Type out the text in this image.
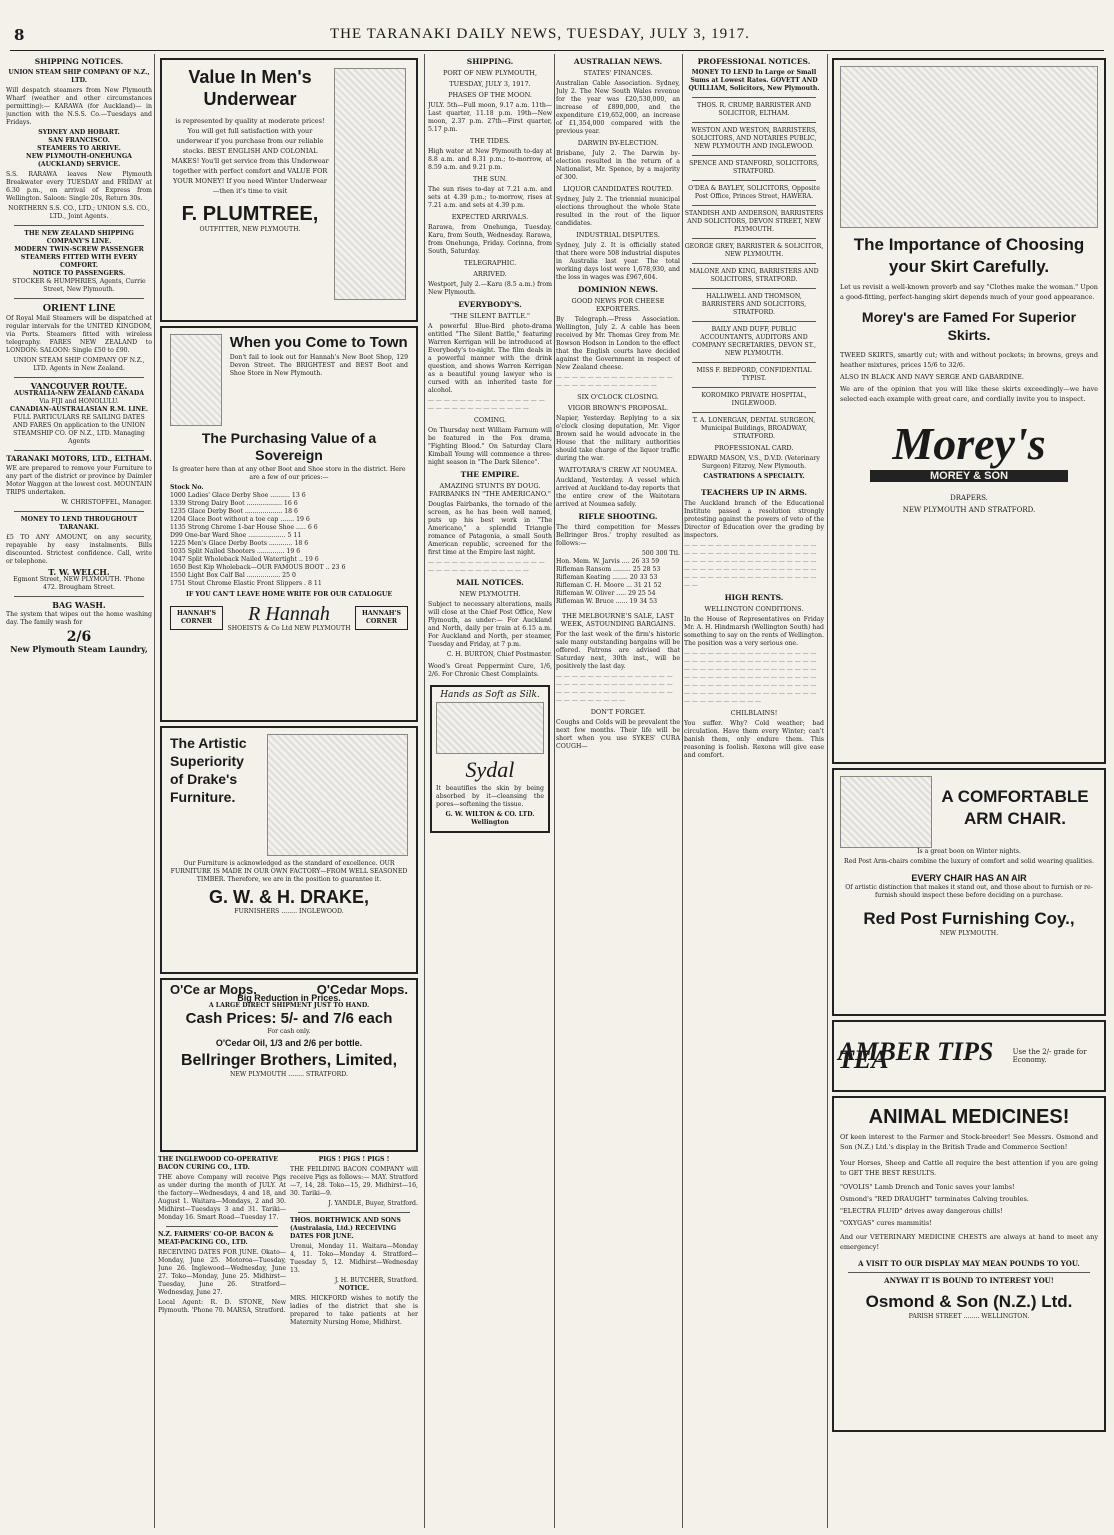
8	THE TARANAKI DAILY NEWS, TUESDAY, JULY 3, 1917.
SHIPPING NOTICES.
UNION STEAM SHIP COMPANY OF N.Z., LTD.
Will despatch steamers from New Plymouth Wharf (weather and other circumstances permitting):— KARAWA (for Auckland)— in junction with the N.S.S. Co.—Tuesdays and Fridays.
SYDNEY AND HOBART.
SAN FRANCISCO.
STEAMERS TO ARRIVE.
NEW PLYMOUTH-ONEHUNGA (AUCKLAND) SERVICE.
S.S. RARAWA leaves New Plymouth Breakwater every TUESDAY and FRIDAY at 6.30 p.m., on arrival of Express from Wellington. Saloon: Single 20s, Return 30s.
NORTHERN S.S. CO., LTD.; UNION S.S. CO., LTD., Joint Agents.
THE NEW ZEALAND SHIPPING COMPANY'S LINE.
MODERN TWIN-SCREW PASSENGER STEAMERS FITTED WITH EVERY COMFORT.
NOTICE TO PASSENGERS.
STOCKER & HUMPHRIES, Agents, Currie Street, New Plymouth.
ORIENT LINE
Of Royal Mail Steamers will be dispatched at regular intervals for the UNITED KINGDOM, via Ports. Steamers fitted with wireless telegraphy. FARES NEW ZEALAND to LONDON: SALOON: Single £50 to £90.
UNION STEAM SHIP COMPANY OF N.Z., LTD. Agents in New Zealand.
VANCOUVER ROUTE.
AUSTRALIA-NEW ZEALAND CANADA
Via FIJI and HONOLULU.
CANADIAN-AUSTRALASIAN R.M. LINE.
FULL PARTICULARS RE SAILING DATES AND FARES On application to the UNION STEAMSHIP CO. OF N.Z., LTD. Managing Agents
TARANAKI MOTORS, LTD., ELTHAM.
WE are prepared to remove your Furniture to any part of the district or province by Daimler Motor Waggon at the lowest cost. MOUNTAIN TRIPS undertaken.
W. CHRISTOFFEL, Manager.
MONEY TO LEND THROUGHOUT TARANAKI.
£5 TO ANY AMOUNT, on any security, repayable by easy instalments. Bills discounted. Strictest confidence. Call, write or telephone.
T. W. WELCH.
Egmont Street, NEW PLYMOUTH. 'Phone 472. Brougham Street.
BAG WASH.
The system that wipes out the home washing day. The family wash for
2/6
New Plymouth Steam Laundry,
Value In Men's Underwear
is represented by quality at moderate prices! You will get full satisfaction with your underwear if you purchase from our reliable stocks. BEST ENGLISH AND COLONIAL MAKES! You'll get service from this Underwear together with perfect comfort and VALUE FOR YOUR MONEY! If you need Winter Underwear—then it's time to visit
F. PLUMTREE,
OUTFITTER, NEW PLYMOUTH.
When you Come to Town
Don't fail to look out for Hannah's New Boot Shop, 129 Devon Street. The BRIGHTEST and BEST Boot and Shoe Store in New Plymouth.
The Purchasing Value of a Sovereign
Is greater here than at any other Boot and Shoe store in the district. Here are a few of our prices:—
Stock No.
1000 Ladies' Glace Derby Shoe .......... 13 6
1339 Strong Dairy Boot .................. 16 6
1235 Glace Derby Boot ................... 18 6
1204 Glace Boot without a toe cap ....... 19 6
1135 Strong Chrome 1-bar House Shoe ..... 6 6
D99 One-bar Ward Shoe ................... 5 11
1225 Men's Glace Derby Boots ............ 18 6
1035 Split Nailed Shooters .............. 19 6
1047 Split Wholeback Nailed Watertight .. 19 6
1650 Best Kip Wholeback—OUR FAMOUS BOOT .. 23 6
1550 Light Box Calf Bal ................. 25 0
1751 Stout Chrome Elastic Front Slippers . 8 11
IF YOU CAN'T LEAVE HOME WRITE FOR OUR CATALOGUE
HANNAH'S CORNER	R Hannah
SHOEISTS & Co Ltd NEW PLYMOUTH
HANNAH'S CORNER
The Artistic Superiority of Drake's Furniture.
Our Furniture is acknowledged as the standard of excellence. OUR FURNITURE IS MADE IN OUR OWN FACTORY—FROM WELL SEASONED TIMBER. Therefore, we are in the position to guarantee it.
G. W. & H. DRAKE,
FURNISHERS ........ INGLEWOOD.
O'Ce ar Mops.	O'Cedar Mops.
Big Reduction in Prices.
A LARGE DIRECT SHIPMENT JUST TO HAND.
Cash Prices: 5/- and 7/6 each
For cash only.
O'Cedar Oil, 1/3 and 2/6 per bottle.
Bellringer Brothers, Limited,
NEW PLYMOUTH ........ STRATFORD.
THE INGLEWOOD CO-OPERATIVE BACON CURING CO., LTD.
THE above Company will receive Pigs as under during the month of JULY. At the factory—Wednesdays, 4 and 18, and August 1. Waitara—Mondays, 2 and 30. Midhirst—Tuesdays 3 and 31. Tariki—Monday 16. Smart Road—Tuesday 17.
N.Z. FARMERS' CO-OP. BACON & MEAT-PACKING CO., LTD.
RECEIVING DATES FOR JUNE. Okato—Monday, June 25. Motoroa—Tuesday, June 26. Inglewood—Wednesday, June 27. Toko—Monday, June 25. Midhirst—Tuesday, June 26. Stratford—Wednesday, June 27.
Local Agent: R. D. STONE, New Plymouth. 'Phone 70. MARSA, Stratford.
PIGS ! PIGS ! PIGS !
THE FEILDING BACON COMPANY will receive Pigs as follows:— MAY. Stratford—7, 14, 28. Toko—15, 29. Midhirst—16, 30. Tariki—9.
J. YANDLE, Buyer, Stratford.
THOS. BORTHWICK AND SONS (Australasia, Ltd.) RECEIVING DATES FOR JUNE.
Urenui, Monday 11. Waitara—Monday 4, 11. Toko—Monday 4. Stratford—Tuesday 5, 12. Midhirst—Wednesday 13.
J. H. BUTCHER, Stratford.
NOTICE.
MRS. HICKFORD wishes to notify the ladies of the district that she is prepared to take patients at her Maternity Nursing Home, Midhirst.
SHIPPING.
PORT OF NEW PLYMOUTH,
TUESDAY, JULY 3, 1917.
PHASES OF THE MOON.
JULY. 5th—Full moon, 9.17 a.m. 11th—Last quarter, 11.18 p.m. 19th—New moon, 2.37 p.m. 27th—First quarter, 5.17 p.m.
THE TIDES.
High water at New Plymouth to-day at 8.8 a.m. and 8.31 p.m.; to-morrow, at 8.59 a.m. and 9.21 p.m.
THE SUN.
The sun rises to-day at 7.21 a.m. and sets at 4.39 p.m.; to-morrow, rises at 7.21 a.m. and sets at 4.39 p.m.
EXPECTED ARRIVALS.
Rarawa, from Onehunga, Tuesday. Karu, from South, Wednesday. Rarawa, from Onehunga, Friday. Corinna, from South, Saturday.
TELEGRAPHIC.
ARRIVED.
Westport, July 2.—Karu (8.5 a.m.) from New Plymouth.
EVERYBODY'S.
"THE SILENT BATTLE."
A powerful Blue-Bird photo-drama entitled "The Silent Battle," featuring Warren Kerrigan will be introduced at Everybody's to-night. The film deals in a powerful manner with the drink question, and shows Warren Kerrigan as a beautiful young lawyer who is cursed with an inherited taste for alcohol.
— — — — — — — — — — — — — — — — — — — — — — — — — — — —
COMING.
On Thursday next William Farnum will be featured in the Fox drama, "Fighting Blood." On Saturday Clara Kimball Young will commence a three-night season in "The Dark Silence".
THE EMPIRE.
AMAZING STUNTS BY DOUG. FAIRBANKS IN "THE AMERICANO."
Douglas Fairbanks, the tornado of the screen, as he has been well named, puts up his best work in "The Americano," a splendid Triangle romance of Patagonia, a small South American republic, screened for the first time at the Empire last night.
— — — — — — — — — — — — — — — — — — — — — — — — — — — —
MAIL NOTICES.
NEW PLYMOUTH.
Subject to necessary alterations, mails will close at the Chief Post Office, New Plymouth, as under:— For Auckland and North, daily per train at 6.15 a.m. For Auckland and North, per steamer, Tuesday and Friday, at 7 p.m.
C. H. BURTON, Chief Postmaster.
Wood's Great Peppermint Cure, 1/6, 2/6. For Chronic Chest Complaints.
Hands as Soft as Silk.
Sydal
It beautifies the skin by being absorbed by it—cleansing the pores—softening the tissue.
G. W. WILTON & CO. LTD. Wellington
AUSTRALIAN NEWS.
STATES' FINANCES.
Australian Cable Association. Sydney, July 2. The New South Wales revenue for the year was £20,530,000, an increase of £890,000, and the expenditure £19,652,000, an increase of £1,354,000 compared with the previous year.
DARWIN BY-ELECTION.
Brisbane, July 2. The Darwin by-election resulted in the return of a Nationalist, Mr. Spence, by a majority of 300.
LIQUOR CANDIDATES ROUTED.
Sydney, July 2. The triennial municipal elections throughout the whole State resulted in the rout of the liquor candidates.
INDUSTRIAL DISPUTES.
Sydney, July 2. It is officially stated that there were 508 industrial disputes in Australia last year. The total working days lost were 1,678,930, and the loss in wages was £967,604.
DOMINION NEWS.
GOOD NEWS FOR CHEESE EXPORTERS.
By Telegraph.—Press Association. Wellington, July 2. A cable has been received by Mr. Thomas Grey from Mr. Rowson Hodson in London to the effect that the English courts have decided against the Government in respect of New Zealand cheese.
— — — — — — — — — — — — — — — — — — — — — — — — — — — —
SIX O'CLOCK CLOSING.
VIGOR BROWN'S PROPOSAL.
Napier, Yesterday. Replying to a six o'clock closing deputation, Mr. Vigor Brown said he would advocate in the House that the military authorities should take charge of the liquor traffic during the war.
WAITOTARA'S CREW AT NOUMEA.
Auckland, Yesterday. A vessel which arrived at Auckland to-day reports that the entire crew of the Waitotara arrived at Noumea safely.
RIFLE SHOOTING.
The third competition for Messrs Bellringer Bros.' trophy resulted as follows:—
500 300 Ttl.
Hon. Mem. W. Jarvis .... 26 33 59
Rifleman Ransom ......... 25 28 53
Rifleman Keating ........ 20 33 53
Rifleman C. H. Moore ... 31 21 52
Rifleman W. Oliver ..... 29 25 54
Rifleman W. Bruce ...... 19 34 53
THE MELBOURNE'S SALE, LAST WEEK, ASTOUNDING BARGAINS.
For the last week of the firm's historic sale many outstanding bargains will be offered. Patrons are advised that Saturday next, 30th inst., will be positively the last day.
— — — — — — — — — — — — — — — — — — — — — — — — — — — — — — — — — — — — — — — — — — — — — — — — — — — — — —
DON'T FORGET.
Coughs and Colds will be prevalent the next few months. Their life will be short when you use SYKES' CURA COUGH—
PROFESSIONAL NOTICES.
MONEY TO LEND In Large or Small Sums at Lowest Rates. GOVETT AND QUILLIAM, Solicitors, New Plymouth.
THOS. R. CRUMP, BARRISTER AND SOLICITOR, ELTHAM.
WESTON AND WESTON, BARRISTERS, SOLICITORS, AND NOTARIES PUBLIC, NEW PLYMOUTH AND INGLEWOOD.
SPENCE AND STANFORD, SOLICITORS, STRATFORD.
O'DEA & BAYLEY, SOLICITORS, Opposite Post Office, Princes Street, HAWERA.
STANDISH AND ANDERSON, BARRISTERS AND SOLICITORS, DEVON STREET, NEW PLYMOUTH.
GEORGE GREY, BARRISTER & SOLICITOR, NEW PLYMOUTH.
MALONE AND KING, BARRISTERS AND SOLICITORS, STRATFORD.
HALLIWELL AND THOMSON, BARRISTERS AND SOLICITORS, STRATFORD.
BAILY AND DUFF, PUBLIC ACCOUNTANTS, AUDITORS AND COMPANY SECRETARIES, DEVON ST., NEW PLYMOUTH.
MISS F. BEDFORD, CONFIDENTIAL TYPIST.
KOROMIKO PRIVATE HOSPITAL, INGLEWOOD.
T. A. LONERGAN, DENTAL SURGEON, Municipal Buildings, BROADWAY, STRATFORD.
PROFESSIONAL CARD.
EDWARD MASON, V.S., D.V.D. (Veterinary Surgeon) Fitzroy, New Plymouth.
CASTRATIONS A SPECIALTY.
TEACHERS UP IN ARMS.
The Auckland branch of the Educational Institute passed a resolution strongly protesting against the powers of veto of the Director of Education over the grading by inspectors.
— — — — — — — — — — — — — — — — — — — — — — — — — — — — — — — — — — — — — — — — — — — — — — — — — — — — — — — — — — — — — — — — — — — — — — — — — — — — — — — — — — — — — — —
HIGH RENTS.
WELLINGTON CONDITIONS.
In the House of Representatives on Friday Mr. A. H. Hindmarsh (Wellington South) had something to say on the rents of Wellington. The position was a very serious one.
— — — — — — — — — — — — — — — — — — — — — — — — — — — — — — — — — — — — — — — — — — — — — — — — — — — — — — — — — — — — — — — — — — — — — — — — — — — — — — — — — — — — — — — — — — — — — — — — — — — — — — — — — — — — — — — —
CHILBLAINS!
You suffer. Why? Cold weather; bad circulation. Have them every Winter; can't banish them, only endure them. This reasoning is foolish. Rexona will give ease and comfort.
The Importance of Choosing your Skirt Carefully.
Let us revisit a well-known proverb and say "Clothes make the woman." Upon a good-fitting, perfect-hanging skirt depends much of your good appearance.
Morey's are Famed For Superior Skirts.
TWEED SKIRTS, smartly cut; with and without pockets; in browns, greys and heather mixtures, prices 15/6 to 32/6.
ALSO IN BLACK AND NAVY SERGE AND GABARDINE.
We are of the opinion that you will like these skirts exceedingly—we have selected each example with great care, and cordially invite you to inspect.
Morey's
MOREY & SON
DRAPERS.
NEW PLYMOUTH AND STRATFORD.
A COMFORTABLE ARM CHAIR.
Is a great boon on Winter nights.
Red Post Arm-chairs combine the luxury of comfort and solid wearing qualities.
EVERY CHAIR HAS AN AIR
Of artistic distinction that makes it stand out, and those about to furnish or re-furnish should inspect these before deciding on a purchase.
Red Post Furnishing Coy.,
NEW PLYMOUTH.
AMBER TIPS TEA	Use the 2/- grade for Economy.
ANIMAL MEDICINES!
Of keen interest to the Farmer and Stock-breeder! See Messrs. Osmond and Son (N.Z.) Ltd.'s display in the British Trade and Commerce Section!
Your Horses, Sheep and Cattle all require the best attention if you are going to GET THE BEST RESULTS.
"OVOLIS" Lamb Drench and Tonic saves your lambs!
Osmond's "RED DRAUGHT" terminates Calving troubles.
"ELECTRA FLUID" drives away dangerous chills!
"OXYGAS" cures mammitis!
And our VETERINARY MEDICINE CHESTS are always at hand to meet any emergency!
A VISIT TO OUR DISPLAY MAY MEAN POUNDS TO YOU.
ANYWAY IT IS BOUND TO INTEREST YOU!
Osmond & Son (N.Z.) Ltd.
PARISH STREET ........ WELLINGTON.
